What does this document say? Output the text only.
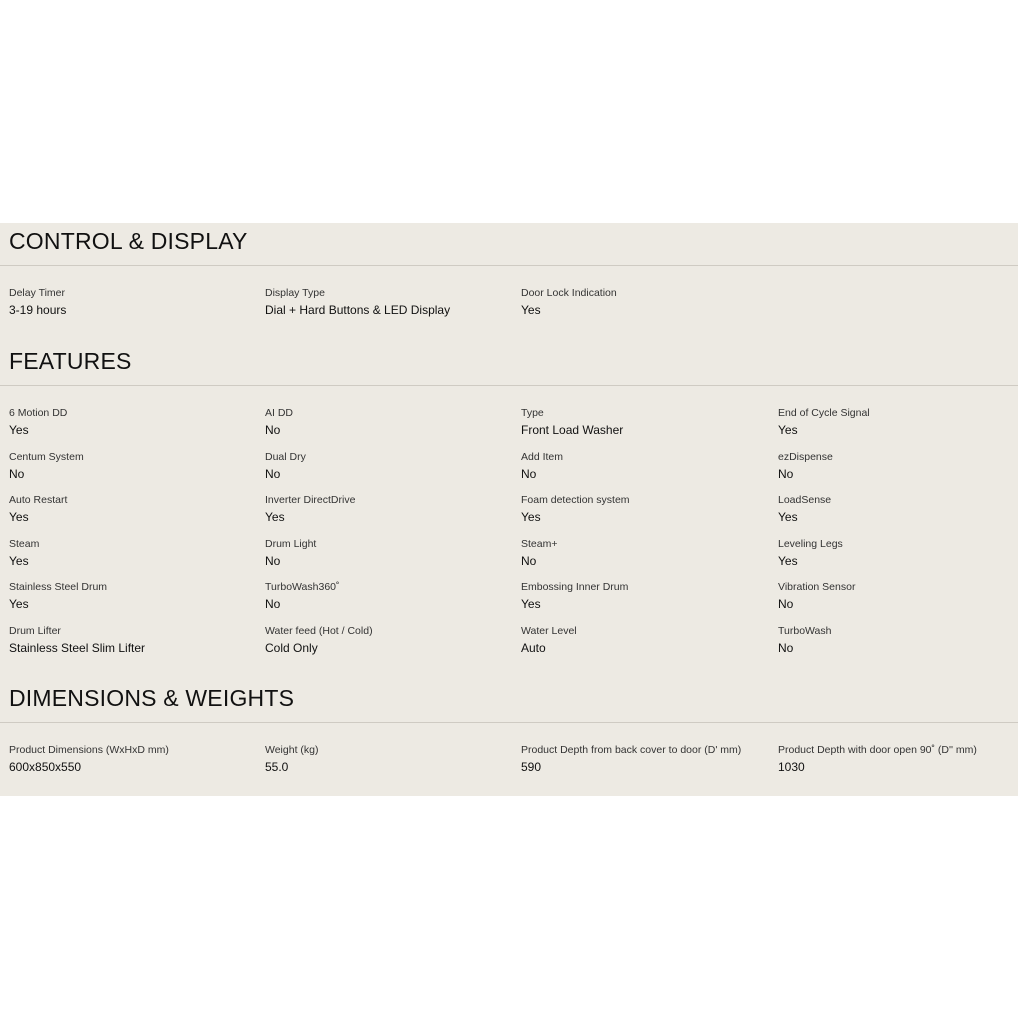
CONTROL & DISPLAY
Delay Timer
3-19 hours
Display Type
Dial + Hard Buttons & LED Display
Door Lock Indication
Yes
FEATURES
6 Motion DD
Yes
AI DD
No
Type
Front Load Washer
End of Cycle Signal
Yes
Centum System
No
Dual Dry
No
Add Item
No
ezDispense
No
Auto Restart
Yes
Inverter DirectDrive
Yes
Foam detection system
Yes
LoadSense
Yes
Steam
Yes
Drum Light
No
Steam+
No
Leveling Legs
Yes
Stainless Steel Drum
Yes
TurboWash360˚
No
Embossing Inner Drum
Yes
Vibration Sensor
No
Drum Lifter
Stainless Steel Slim Lifter
Water feed (Hot / Cold)
Cold Only
Water Level
Auto
TurboWash
No
DIMENSIONS & WEIGHTS
Product Dimensions (WxHxD mm)
600x850x550
Weight (kg)
55.0
Product Depth from back cover to door (D' mm)
590
Product Depth with door open 90˚ (D'' mm)
1030
